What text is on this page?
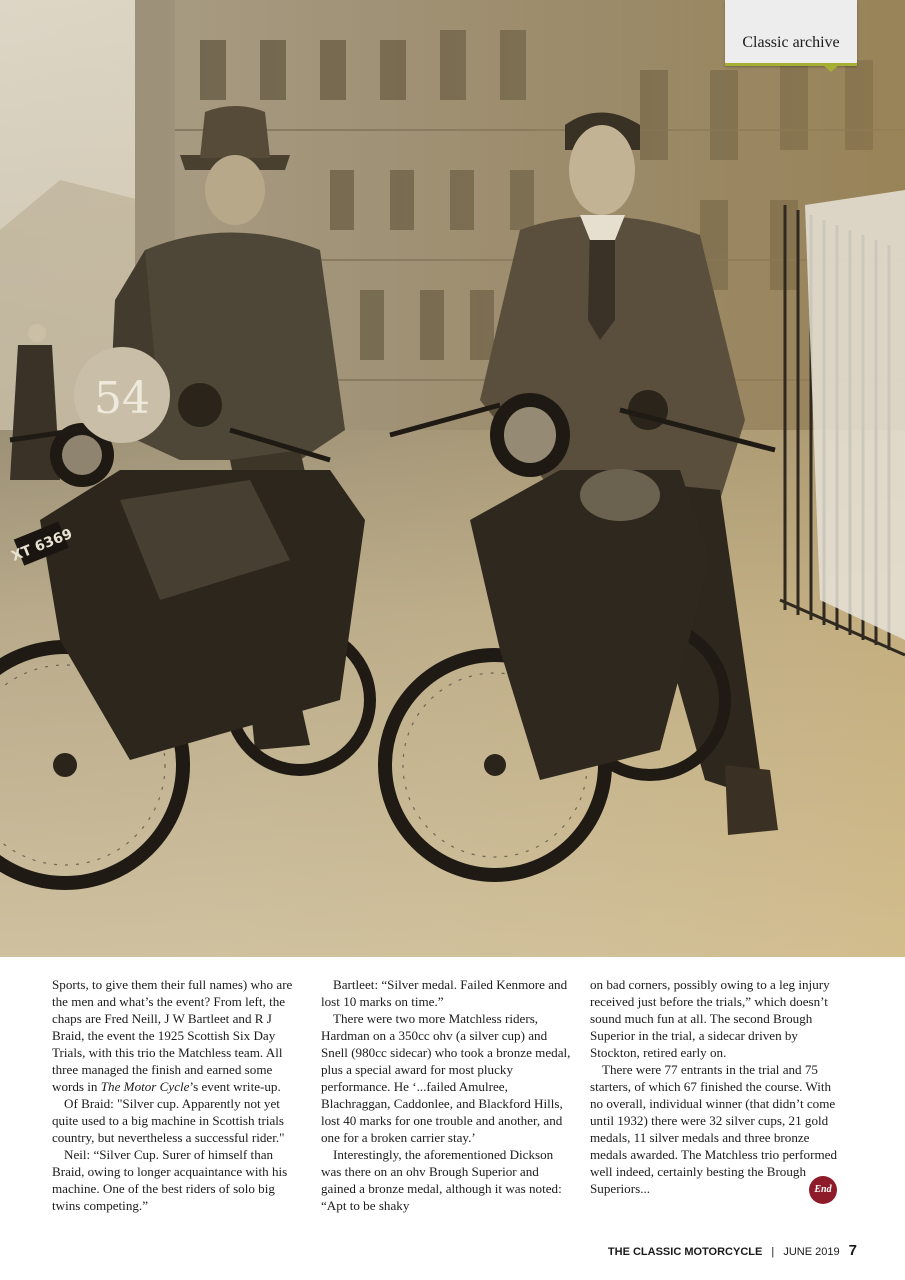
54
XT 6369
Classic archive

Sports, to give them their full names) who are the men and what’s the event? From left, the chaps are Fred Neill, J W Bartleet and R J Braid, the event the 1925 Scottish Six Day Trials, with this trio the Matchless team. All three managed the finish and earned some words in The Motor Cycle’s event write-up.

Of Braid: "Silver cup. Apparently not yet quite used to a big machine in Scottish trials country, but nevertheless a successful rider."

Neil: “Silver Cup. Surer of himself than Braid, owing to longer acquaintance with his machine. One of the best riders of solo big twins competing.”

Bartleet: “Silver medal. Failed Kenmore and lost 10 marks on time.”

There were two more Matchless riders, Hardman on a 350cc ohv (a silver cup) and Snell (980cc sidecar) who took a bronze medal, plus a special award for most plucky performance. He ‘...failed Amulree, Blachraggan, Caddonlee, and Blackford Hills, lost 40 marks for one trouble and another, and one for a broken carrier stay.’

Interestingly, the aforementioned Dickson was there on an ohv Brough Superior and gained a bronze medal, although it was noted: “Apt to be shaky

on bad corners, possibly owing to a leg injury received just before the trials,” which doesn’t sound much fun at all. The second Brough Superior in the trial, a sidecar driven by Stockton, retired early on.

There were 77 entrants in the trial and 75 starters, of which 67 finished the course. With no overall, individual winner (that didn’t come until 1932) there were 32 silver cups, 21 gold medals, 11 silver medals and three bronze medals awarded. The Matchless trio performed well indeed, certainly besting the Brough Superiors...	End
THE CLASSIC MOTORCYCLE | JUNE 2019 7
